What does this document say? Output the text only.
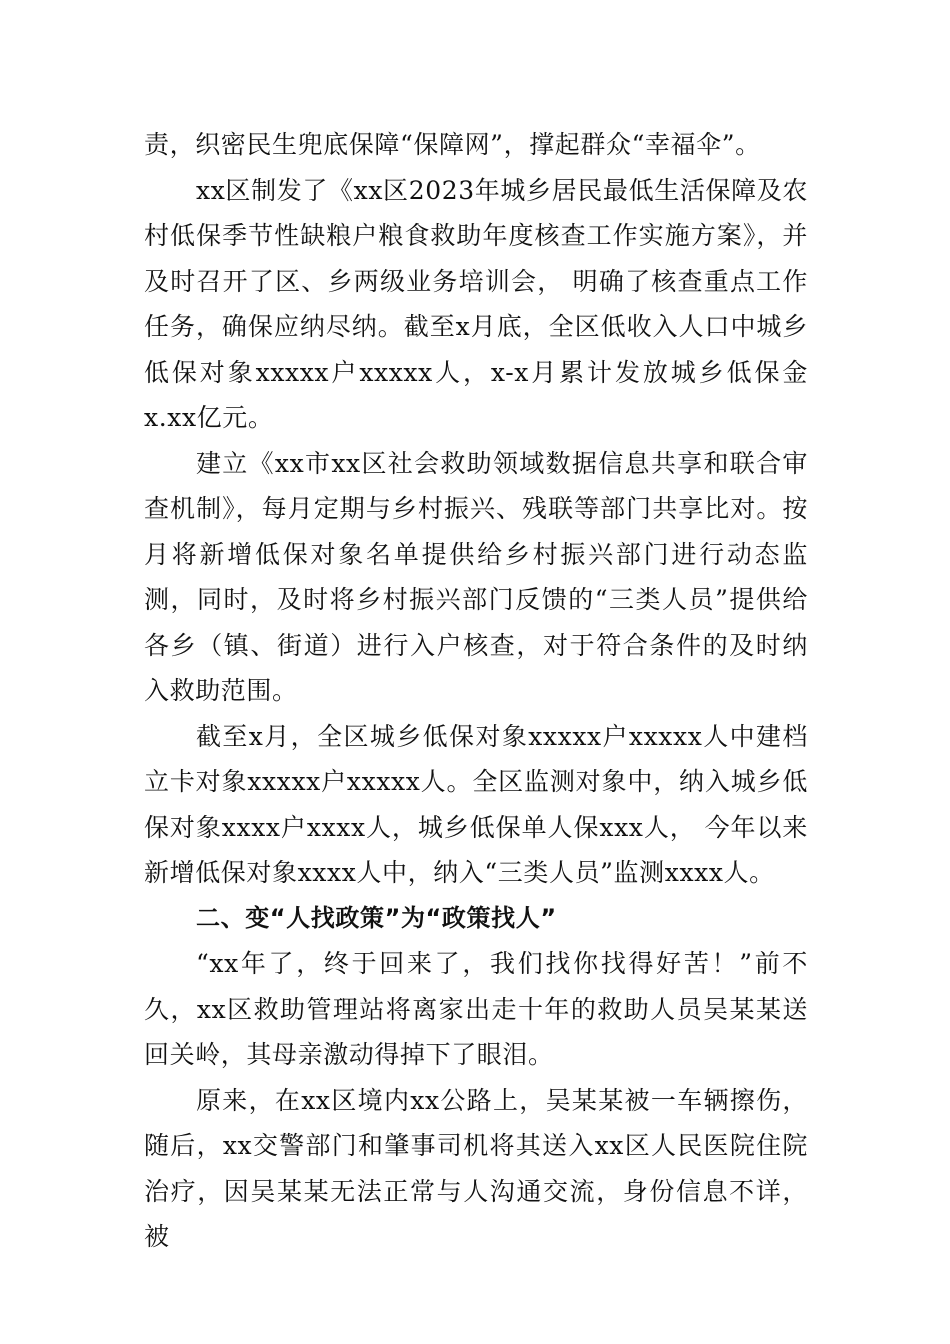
责，织密民生兜底保障“保障网”，撑起群众“幸福伞”。

xx区制发了《xx区2023年城乡居民最低生活保障及农村低保季节性缺粮户粮食救助年度核查工作实施方案》，并及时召开了区、乡两级业务培训会， 明确了核查重点工作任务，确保应纳尽纳。截至x月底，全区低收入人口中城乡低保对象xxxxx户xxxxx人，x-x月累计发放城乡低保金x.xx亿元。

建立《xx市xx区社会救助领域数据信息共享和联合审查机制》，每月定期与乡村振兴、残联等部门共享比对。按月将新增低保对象名单提供给乡村振兴部门进行动态监测，同时，及时将乡村振兴部门反馈的“三类人员”提供给各乡（镇、街道）进行入户核查，对于符合条件的及时纳入救助范围。

截至x月，全区城乡低保对象xxxxx户xxxxx人中建档立卡对象xxxxx户xxxxx人。全区监测对象中，纳入城乡低保对象xxxx户xxxx人，城乡低保单人保xxx人， 今年以来新增低保对象xxxx人中，纳入“三类人员”监测xxxx人。

二、变“人找政策”为“政策找人”

“xx年了，终于回来了，我们找你找得好苦！”前不久，xx区救助管理站将离家出走十年的救助人员吴某某送回关岭，其母亲激动得掉下了眼泪。

原来，在xx区境内xx公路上，吴某某被一车辆擦伤，随后，xx交警部门和肇事司机将其送入xx区人民医院住院治疗，因吴某某无法正常与人沟通交流，身份信息不详，被
